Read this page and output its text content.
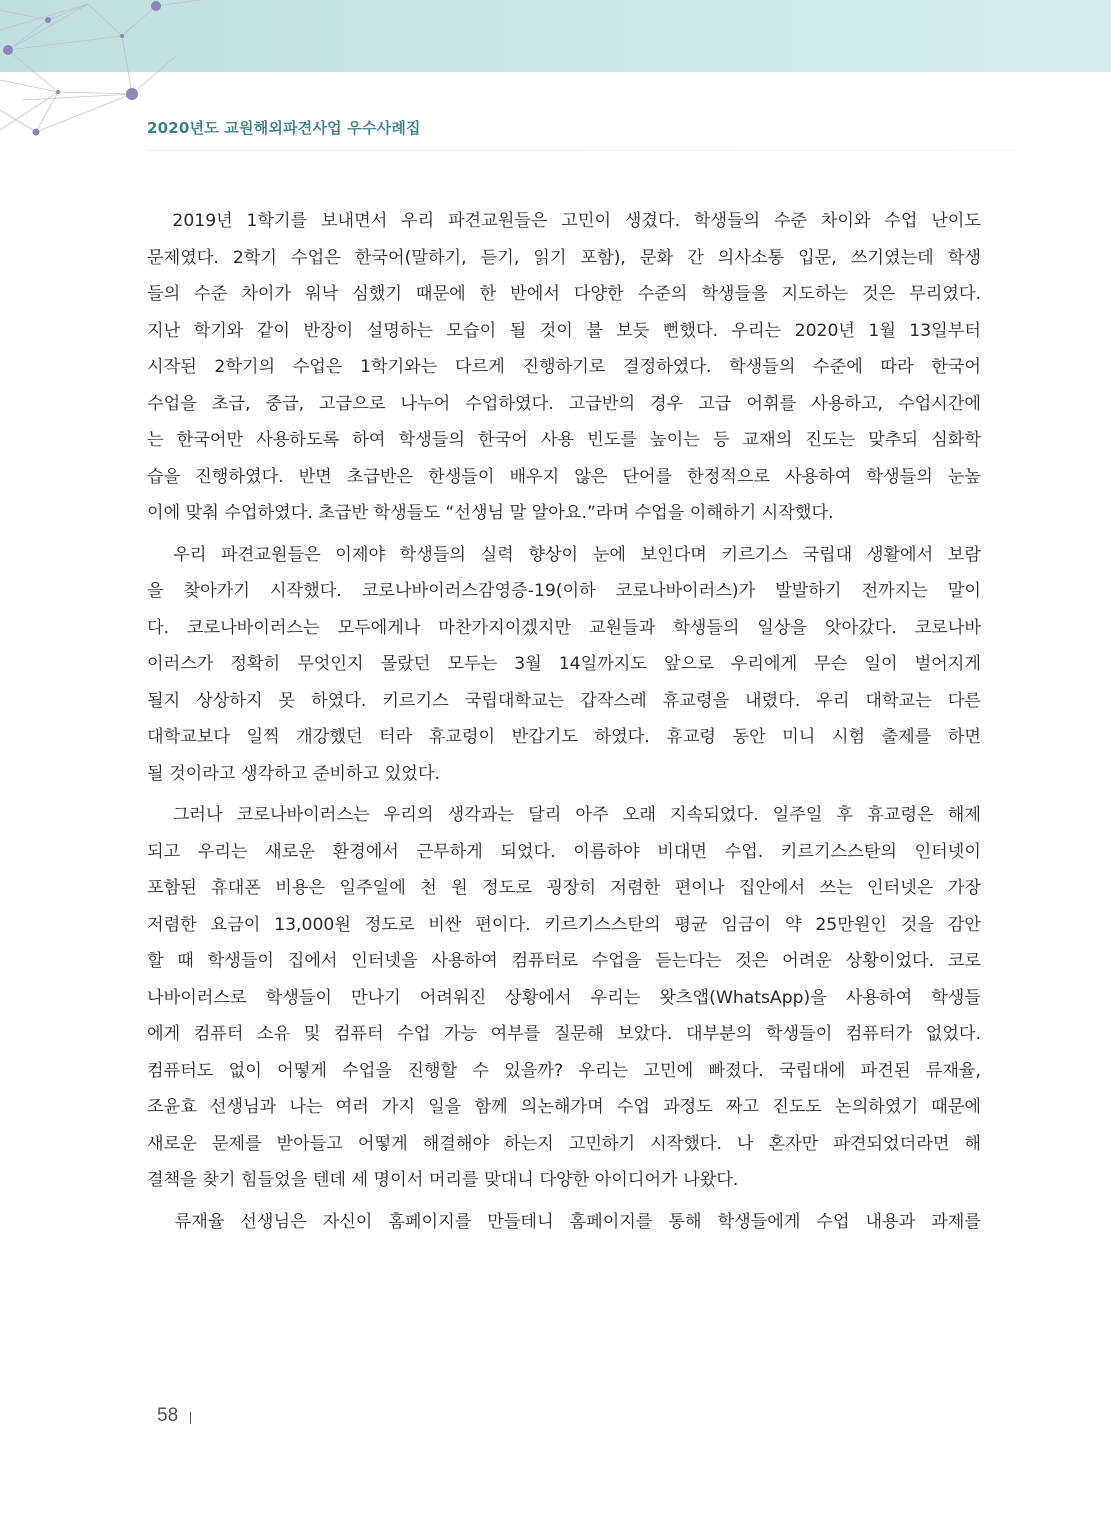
2020년도 교원해외파견사업 우수사례집
　2019년 1학기를 보내면서 우리 파견교원들은 고민이 생겼다. 학생들의 수준 차이와 수업 난이도
문제였다. 2학기 수업은 한국어(말하기, 듣기, 읽기 포함), 문화 간 의사소통 입문, 쓰기였는데 학생
들의 수준 차이가 워낙 심했기 때문에 한 반에서 다양한 수준의 학생들을 지도하는 것은 무리였다.
지난 학기와 같이 반장이 설명하는 모습이 될 것이 불 보듯 뻔했다. 우리는 2020년 1월 13일부터
시작된 2학기의 수업은 1학기와는 다르게 진행하기로 결정하였다. 학생들의 수준에 따라 한국어
수업을 초급, 중급, 고급으로 나누어 수업하였다. 고급반의 경우 고급 어휘를 사용하고, 수업시간에
는 한국어만 사용하도록 하여 학생들의 한국어 사용 빈도를 높이는 등 교재의 진도는 맞추되 심화학
습을 진행하였다. 반면 초급반은 한생들이 배우지 않은 단어를 한정적으로 사용하여 학생들의 눈높
이에 맞춰 수업하였다. 초급반 학생들도 “선생님 말 알아요.”라며 수업을 이해하기 시작했다.
　우리 파견교원들은 이제야 학생들의 실력 향상이 눈에 보인다며 키르기스 국립대 생활에서 보람
을 찾아가기 시작했다. 코로나바이러스감영증-19(이하 코로나바이러스)가 발발하기 전까지는 말이
다. 코로나바이러스는 모두에게나 마찬가지이겠지만 교원들과 학생들의 일상을 앗아갔다. 코로나바
이러스가 정확히 무엇인지 몰랐던 모두는 3월 14일까지도 앞으로 우리에게 무슨 일이 벌어지게
될지 상상하지 못 하였다. 키르기스 국립대학교는 갑작스레 휴교령을 내렸다. 우리 대학교는 다른
대학교보다 일찍 개강했던 터라 휴교령이 반갑기도 하였다. 휴교령 동안 미니 시험 출제를 하면
될 것이라고 생각하고 준비하고 있었다.
　그러나 코로나바이러스는 우리의 생각과는 달리 아주 오래 지속되었다. 일주일 후 휴교령은 해제
되고 우리는 새로운 환경에서 근무하게 되었다. 이름하야 비대면 수업. 키르기스스탄의 인터넷이
포함된 휴대폰 비용은 일주일에 천 원 정도로 굉장히 저렴한 편이나 집안에서 쓰는 인터넷은 가장
저렴한 요금이 13,000원 정도로 비싼 편이다. 키르기스스탄의 평균 임금이 약 25만원인 것을 감안
할 때 학생들이 집에서 인터넷을 사용하여 컴퓨터로 수업을 듣는다는 것은 어려운 상황이었다. 코로
나바이러스로 학생들이 만나기 어려워진 상황에서 우리는 왓츠앱(WhatsApp)을 사용하여 학생들
에게 컴퓨터 소유 및 컴퓨터 수업 가능 여부를 질문해 보았다. 대부분의 학생들이 컴퓨터가 없었다.
컴퓨터도 없이 어떻게 수업을 진행할 수 있을까? 우리는 고민에 빠졌다. 국립대에 파견된 류재율,
조윤효 선생님과 나는 여러 가지 일을 함께 의논해가며 수업 과정도 짜고 진도도 논의하였기 때문에
새로운 문제를 받아들고 어떻게 해결해야 하는지 고민하기 시작했다. 나 혼자만 파견되었더라면 해
결책을 찾기 힘들었을 텐데 세 명이서 머리를 맞대니 다양한 아이디어가 나왔다.
　류재율 선생님은 자신이 홈페이지를 만들테니 홈페이지를 통해 학생들에게 수업 내용과 과제를
58
